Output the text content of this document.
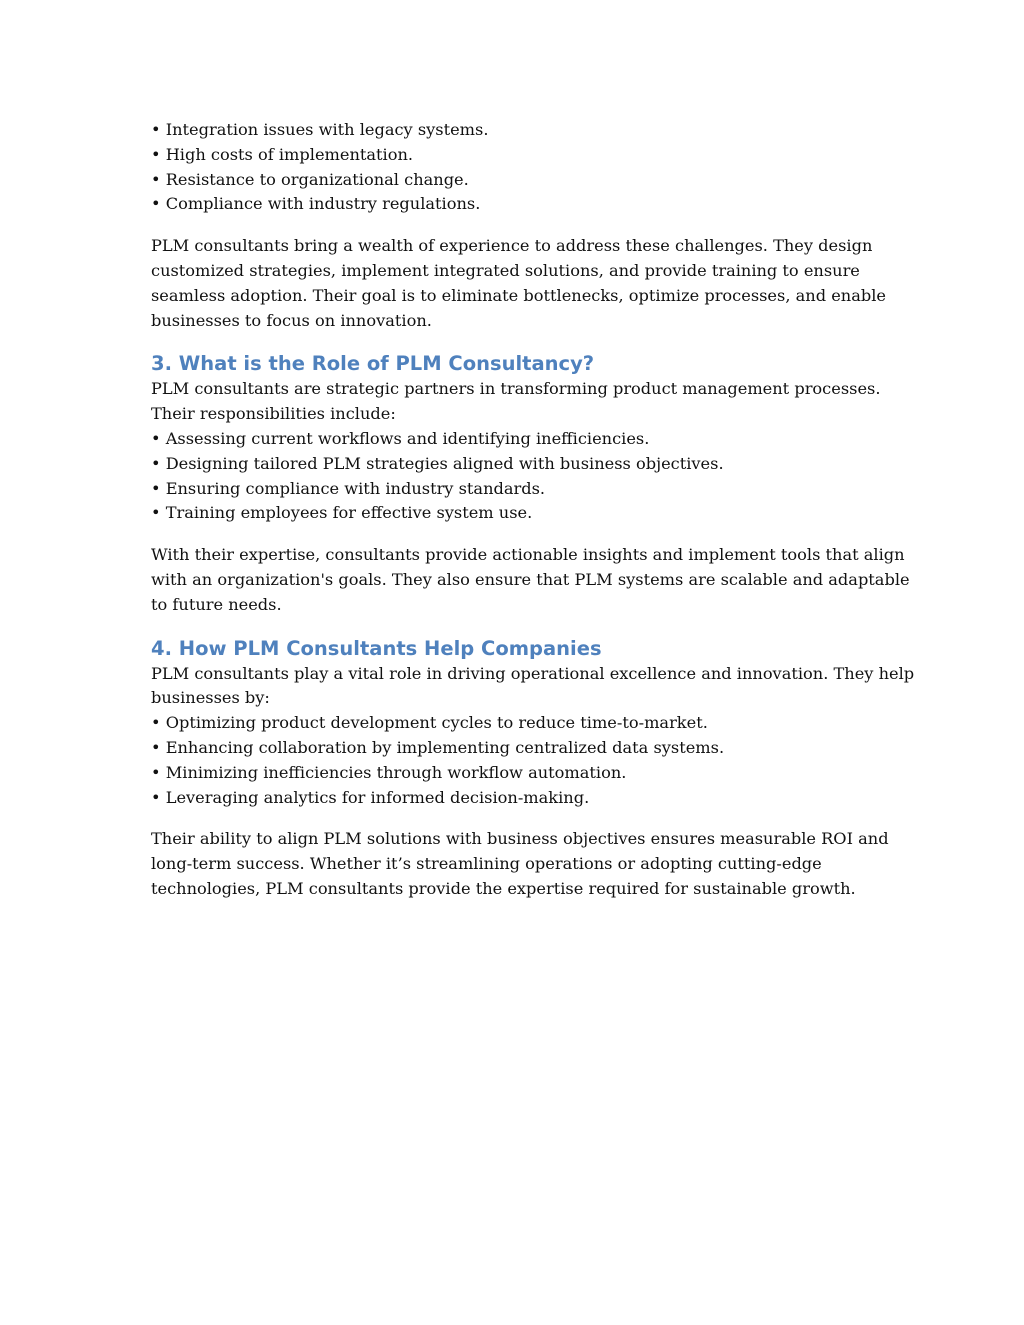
• Integration issues with legacy systems.

• High costs of implementation.

• Resistance to organizational change.

• Compliance with industry regulations.

PLM consultants bring a wealth of experience to address these challenges. They design

customized strategies, implement integrated solutions, and provide training to ensure

seamless adoption. Their goal is to eliminate bottlenecks, optimize processes, and enable

businesses to focus on innovation.

3. What is the Role of PLM Consultancy?

PLM consultants are strategic partners in transforming product management processes.

Their responsibilities include:

• Assessing current workflows and identifying inefficiencies.

• Designing tailored PLM strategies aligned with business objectives.

• Ensuring compliance with industry standards.

• Training employees for effective system use.

With their expertise, consultants provide actionable insights and implement tools that align

with an organization's goals. They also ensure that PLM systems are scalable and adaptable

to future needs.

4. How PLM Consultants Help Companies

PLM consultants play a vital role in driving operational excellence and innovation. They help

businesses by:

• Optimizing product development cycles to reduce time-to-market.

• Enhancing collaboration by implementing centralized data systems.

• Minimizing inefficiencies through workflow automation.

• Leveraging analytics for informed decision-making.

Their ability to align PLM solutions with business objectives ensures measurable ROI and

long-term success. Whether it’s streamlining operations or adopting cutting-edge

technologies, PLM consultants provide the expertise required for sustainable growth.
